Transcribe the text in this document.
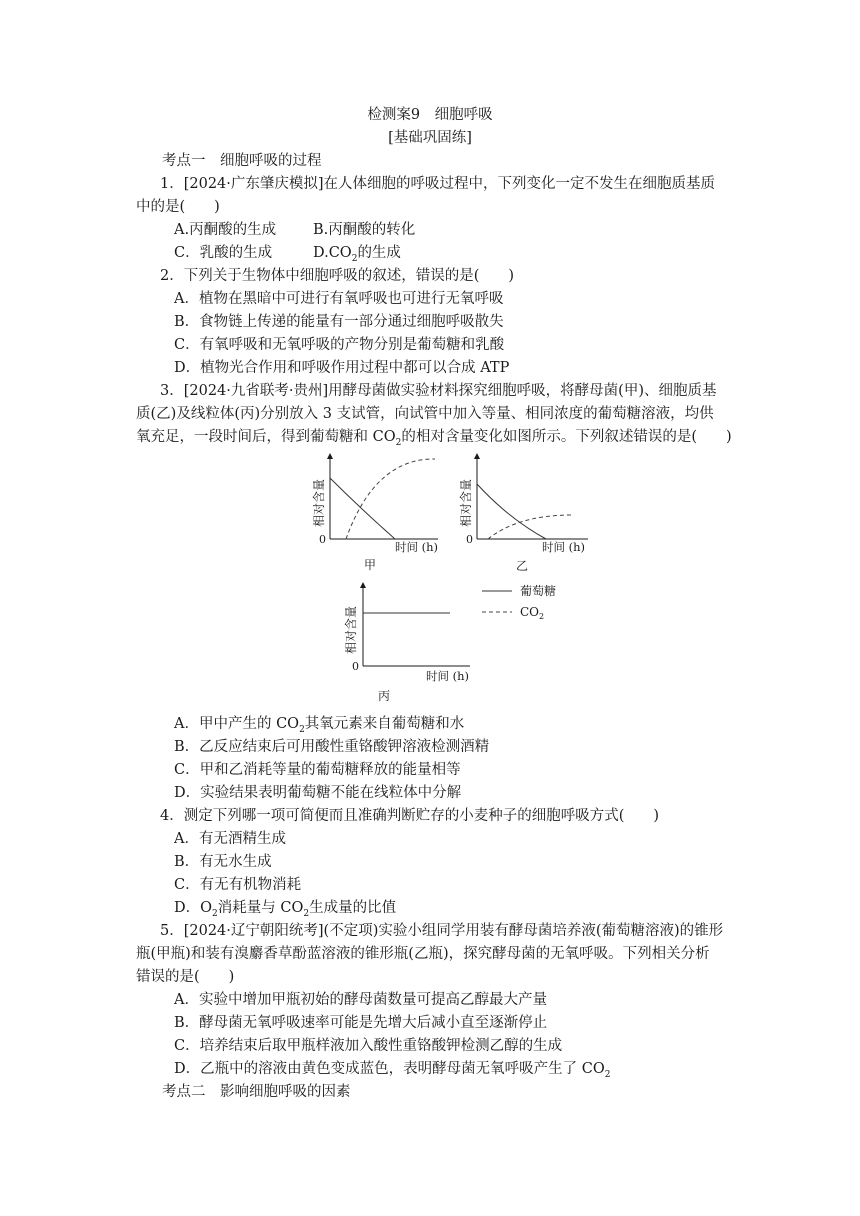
检测案9　细胞呼吸
[基础巩固练]
考点一　细胞呼吸的过程
1．[2024·广东肇庆模拟]在人体细胞的呼吸过程中，下列变化一定不发生在细胞质基质
中的是(　　)
A.丙酮酸的生成	B.丙酮酸的转化
C．乳酸的生成	$D.CO_2$的生成
2．下列关于生物体中细胞呼吸的叙述，错误的是(　　)
A．植物在黑暗中可进行有氧呼吸也可进行无氧呼吸
B．食物链上传递的能量有一部分通过细胞呼吸散失
C．有氧呼吸和无氧呼吸的产物分别是葡萄糖和乳酸
D．植物光合作用和呼吸作用过程中都可以合成 ATP
3．[2024·九省联考·贵州]用酵母菌做实验材料探究细胞呼吸，将酵母菌(甲)、细胞质基
质(乙)及线粒体(丙)分别放入 3 支试管，向试管中加入等量、相同浓度的葡萄糖溶液，均供
氧充足，一段时间后，得到葡萄糖和 $CO_2$的相对含量变化如图所示。下列叙述错误的是(　　)
相对含量
0
时间 (h)
甲
相对含量
0
时间 (h)
乙
相对含量
0
时间 (h)
丙
葡萄糖
$CO_2$
A．甲中产生的 $CO_2$其氧元素来自葡萄糖和水
B．乙反应结束后可用酸性重铬酸钾溶液检测酒精
C．甲和乙消耗等量的葡萄糖释放的能量相等
D．实验结果表明葡萄糖不能在线粒体中分解
4．测定下列哪一项可简便而且准确判断贮存的小麦种子的细胞呼吸方式(　　)
A．有无酒精生成
B．有无水生成
C．有无有机物消耗
D．$O_2$消耗量与 $CO_2$生成量的比值
5．[2024·辽宁朝阳统考](不定项)实验小组同学用装有酵母菌培养液(葡萄糖溶液)的锥形
瓶(甲瓶)和装有溴麝香草酚蓝溶液的锥形瓶(乙瓶)，探究酵母菌的无氧呼吸。下列相关分析
错误的是(　　)
A．实验中增加甲瓶初始的酵母菌数量可提高乙醇最大产量
B．酵母菌无氧呼吸速率可能是先增大后减小直至逐渐停止
C．培养结束后取甲瓶样液加入酸性重铬酸钾检测乙醇的生成
D．乙瓶中的溶液由黄色变成蓝色，表明酵母菌无氧呼吸产生了 $CO_2$
考点二　影响细胞呼吸的因素
